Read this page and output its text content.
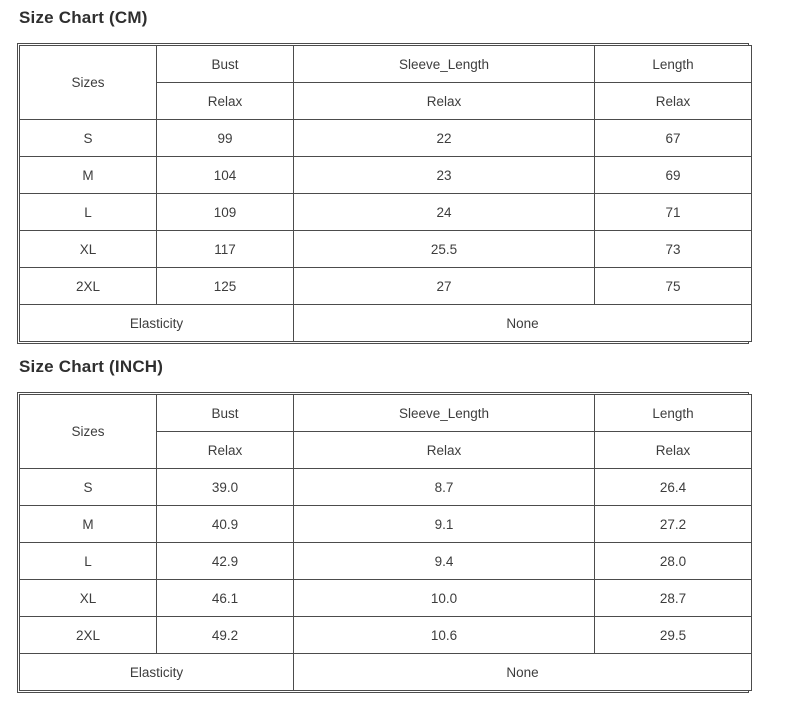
Size Chart (CM)
Sizes	Bust	Sleeve_Length	Length
	Relax	Relax	Relax
S	99	22	67
M	104	23	69
L	109	24	71
XL	117	25.5	73
2XL	125	27	75
Elasticity		None	
Size Chart (INCH)
Sizes	Bust	Sleeve_Length	Length
	Relax	Relax	Relax
S	39.0	8.7	26.4
M	40.9	9.1	27.2
L	42.9	9.4	28.0
XL	46.1	10.0	28.7
2XL	49.2	10.6	29.5
Elasticity		None	
